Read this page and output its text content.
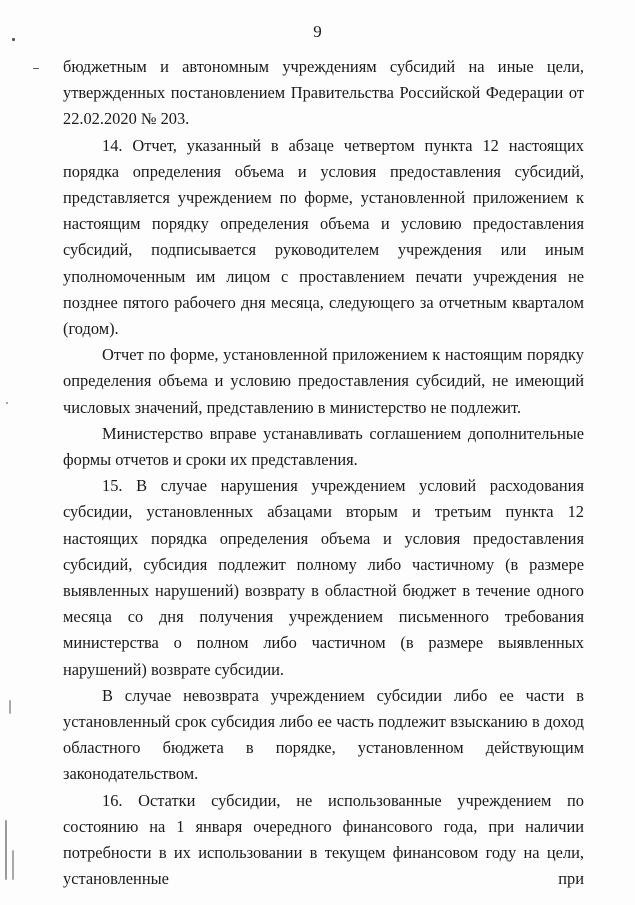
9

бюджетным и автономным учреждениям субсидий на иные цели, утвержденных постановлением Правительства Российской Федерации от 22.02.2020 № 203.

14. Отчет, указанный в абзаце четвертом пункта 12 настоящих порядка определения объема и условия предоставления субсидий, представляется учреждением по форме, установленной приложением к настоящим порядку определения объема и условию предоставления субсидий, подписывается руководителем учреждения или иным уполномоченным им лицом с проставлением печати учреждения не позднее пятого рабочего дня месяца, следующего за отчетным кварталом (годом).

Отчет по форме, установленной приложением к настоящим порядку определения объема и условию предоставления субсидий, не имеющий числовых значений, представлению в министерство не подлежит.

Министерство вправе устанавливать соглашением дополнительные формы отчетов и сроки их представления.

15. В случае нарушения учреждением условий расходования субсидии, установленных абзацами вторым и третьим пункта 12 настоящих порядка определения объема и условия предоставления субсидий, субсидия подлежит полному либо частичному (в размере выявленных нарушений) возврату в областной бюджет в течение одного месяца со дня получения учреждением письменного требования министерства о полном либо частичном (в размере выявленных нарушений) возврате субсидии.

В случае невозврата учреждением субсидии либо ее части в установленный срок субсидия либо ее часть подлежит взысканию в доход областного бюджета в порядке, установленном действующим законодательством.

16. Остатки субсидии, не использованные учреждением по состоянию на 1 января очередного финансового года, при наличии потребности в их использовании в текущем финансовом году на цели, установленные при
